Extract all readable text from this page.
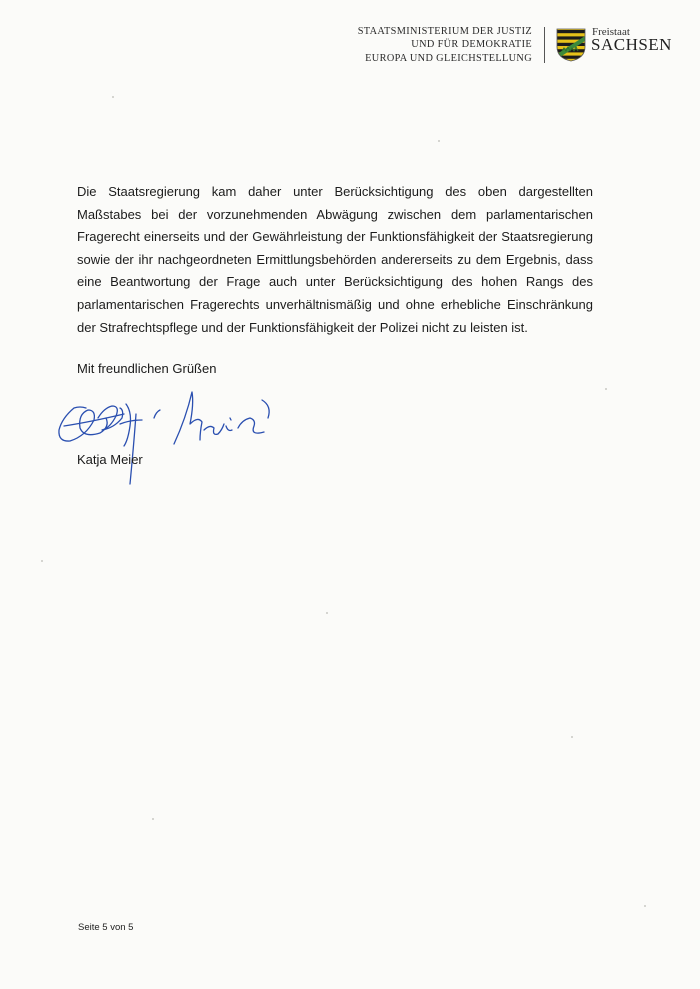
STAATSMINISTERIUM DER JUSTIZ
UND FÜR DEMOKRATIE
EUROPA UND GLEICHSTELLUNG
Freistaat
SACHSEN
Die Staatsregierung kam daher unter Berücksichtigung des oben dargestellten Maßstabes bei der vorzunehmenden Abwägung zwischen dem parlamentarischen Fragerecht einerseits und der Gewährleistung der Funktionsfähigkeit der Staatsregierung sowie der ihr nachgeordneten Ermittlungsbehörden andererseits zu dem Ergebnis, dass eine Beantwortung der Frage auch unter Berücksichtigung des hohen Rangs des parlamentarischen Fragerechts unverhältnismäßig und ohne erhebliche Einschränkung der Strafrechtspflege und der Funktionsfähigkeit der Polizei nicht zu leisten ist.
Mit freundlichen Grüßen
Katja Meier
Seite 5 von 5
